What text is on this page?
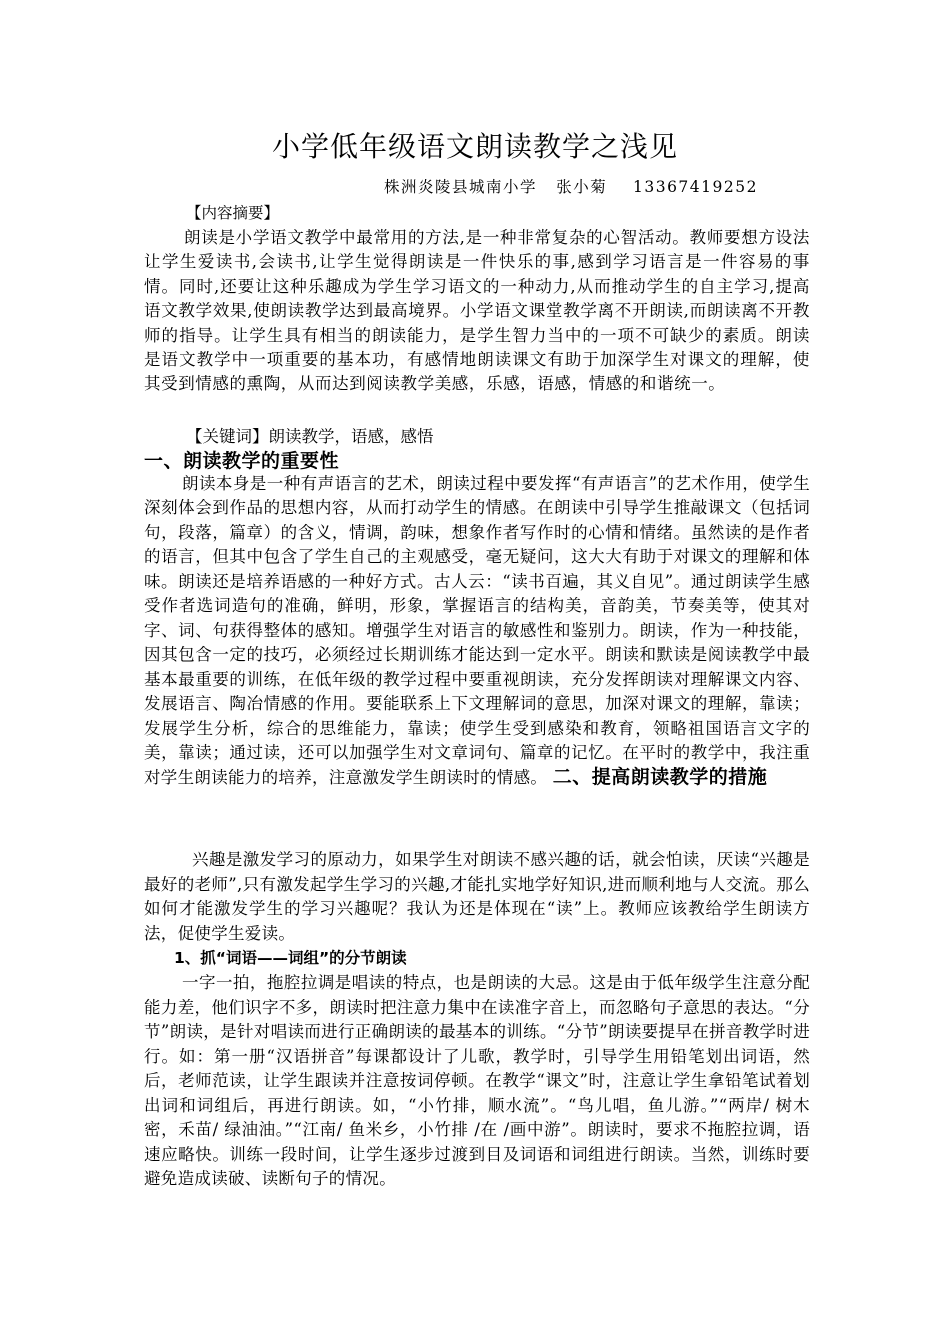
小学低年级语文朗读教学之浅见

株洲炎陵县城南小学   张小菊    13367419252

【内容摘要】

朗读是小学语文教学中最常用的方法,是一种非常复杂的心智活动。教师要想方设法让学生爱读书,会读书,让学生觉得朗读是一件快乐的事,感到学习语言是一件容易的事情。同时,还要让这种乐趣成为学生学习语文的一种动力,从而推动学生的自主学习,提高语文教学效果,使朗读教学达到最高境界。小学语文课堂教学离不开朗读,而朗读离不开教师的指导。让学生具有相当的朗读能力，是学生智力当中的一项不可缺少的素质。朗读是语文教学中一项重要的基本功，有感情地朗读课文有助于加深学生对课文的理解，使其受到情感的熏陶，从而达到阅读教学美感，乐感，语感，情感的和谐统一。

【关键词】朗读教学，语感，感悟

一、朗读教学的重要性

朗读本身是一种有声语言的艺术，朗读过程中要发挥“有声语言”的艺术作用，使学生深刻体会到作品的思想内容，从而打动学生的情感。在朗读中引导学生推敲课文（包括词句，段落，篇章）的含义，情调，韵味，想象作者写作时的心情和情绪。虽然读的是作者的语言，但其中包含了学生自己的主观感受，毫无疑问，这大大有助于对课文的理解和体味。朗读还是培养语感的一种好方式。古人云：“读书百遍，其义自见”。通过朗读学生感受作者选词造句的准确，鲜明，形象，掌握语言的结构美，音韵美，节奏美等，使其对字、词、句获得整体的感知。增强学生对语言的敏感性和鉴别力。朗读，作为一种技能，因其包含一定的技巧，必须经过长期训练才能达到一定水平。朗读和默读是阅读教学中最基本最重要的训练，在低年级的教学过程中要重视朗读，充分发挥朗读对理解课文内容、发展语言、陶冶情感的作用。要能联系上下文理解词的意思，加深对课文的理解，靠读；发展学生分析，综合的思维能力，靠读；使学生受到感染和教育，领略祖国语言文字的美，靠读；通过读，还可以加强学生对文章词句、篇章的记忆。在平时的教学中，我注重对学生朗读能力的培养，注意激发学生朗读时的情感。 二、提高朗读教学的措施

兴趣是激发学习的原动力，如果学生对朗读不感兴趣的话，就会怕读，厌读“兴趣是最好的老师”,只有激发起学生学习的兴趣,才能扎实地学好知识,进而顺利地与人交流。那么如何才能激发学生的学习兴趣呢？我认为还是体现在“读”上。教师应该教给学生朗读方法，促使学生爱读。

1、抓“词语——词组”的分节朗读

一字一拍，拖腔拉调是唱读的特点，也是朗读的大忌。这是由于低年级学生注意分配能力差，他们识字不多，朗读时把注意力集中在读准字音上，而忽略句子意思的表达。“分节”朗读，是针对唱读而进行正确朗读的最基本的训练。“分节”朗读要提早在拼音教学时进行。如：第一册“汉语拼音”每课都设计了儿歌，教学时，引导学生用铅笔划出词语，然后，老师范读，让学生跟读并注意按词停顿。在教学“课文”时，注意让学生拿铅笔试着划出词和词组后，再进行朗读。如，“小竹排，顺水流”。“鸟儿唱，鱼儿游。”“两岸/ 树木密，禾苗/ 绿油油。”“江南/ 鱼米乡，小竹排 /在 /画中游”。朗读时，要求不拖腔拉调，语速应略快。训练一段时间，让学生逐步过渡到目及词语和词组进行朗读。当然，训练时要避免造成读破、读断句子的情况。
